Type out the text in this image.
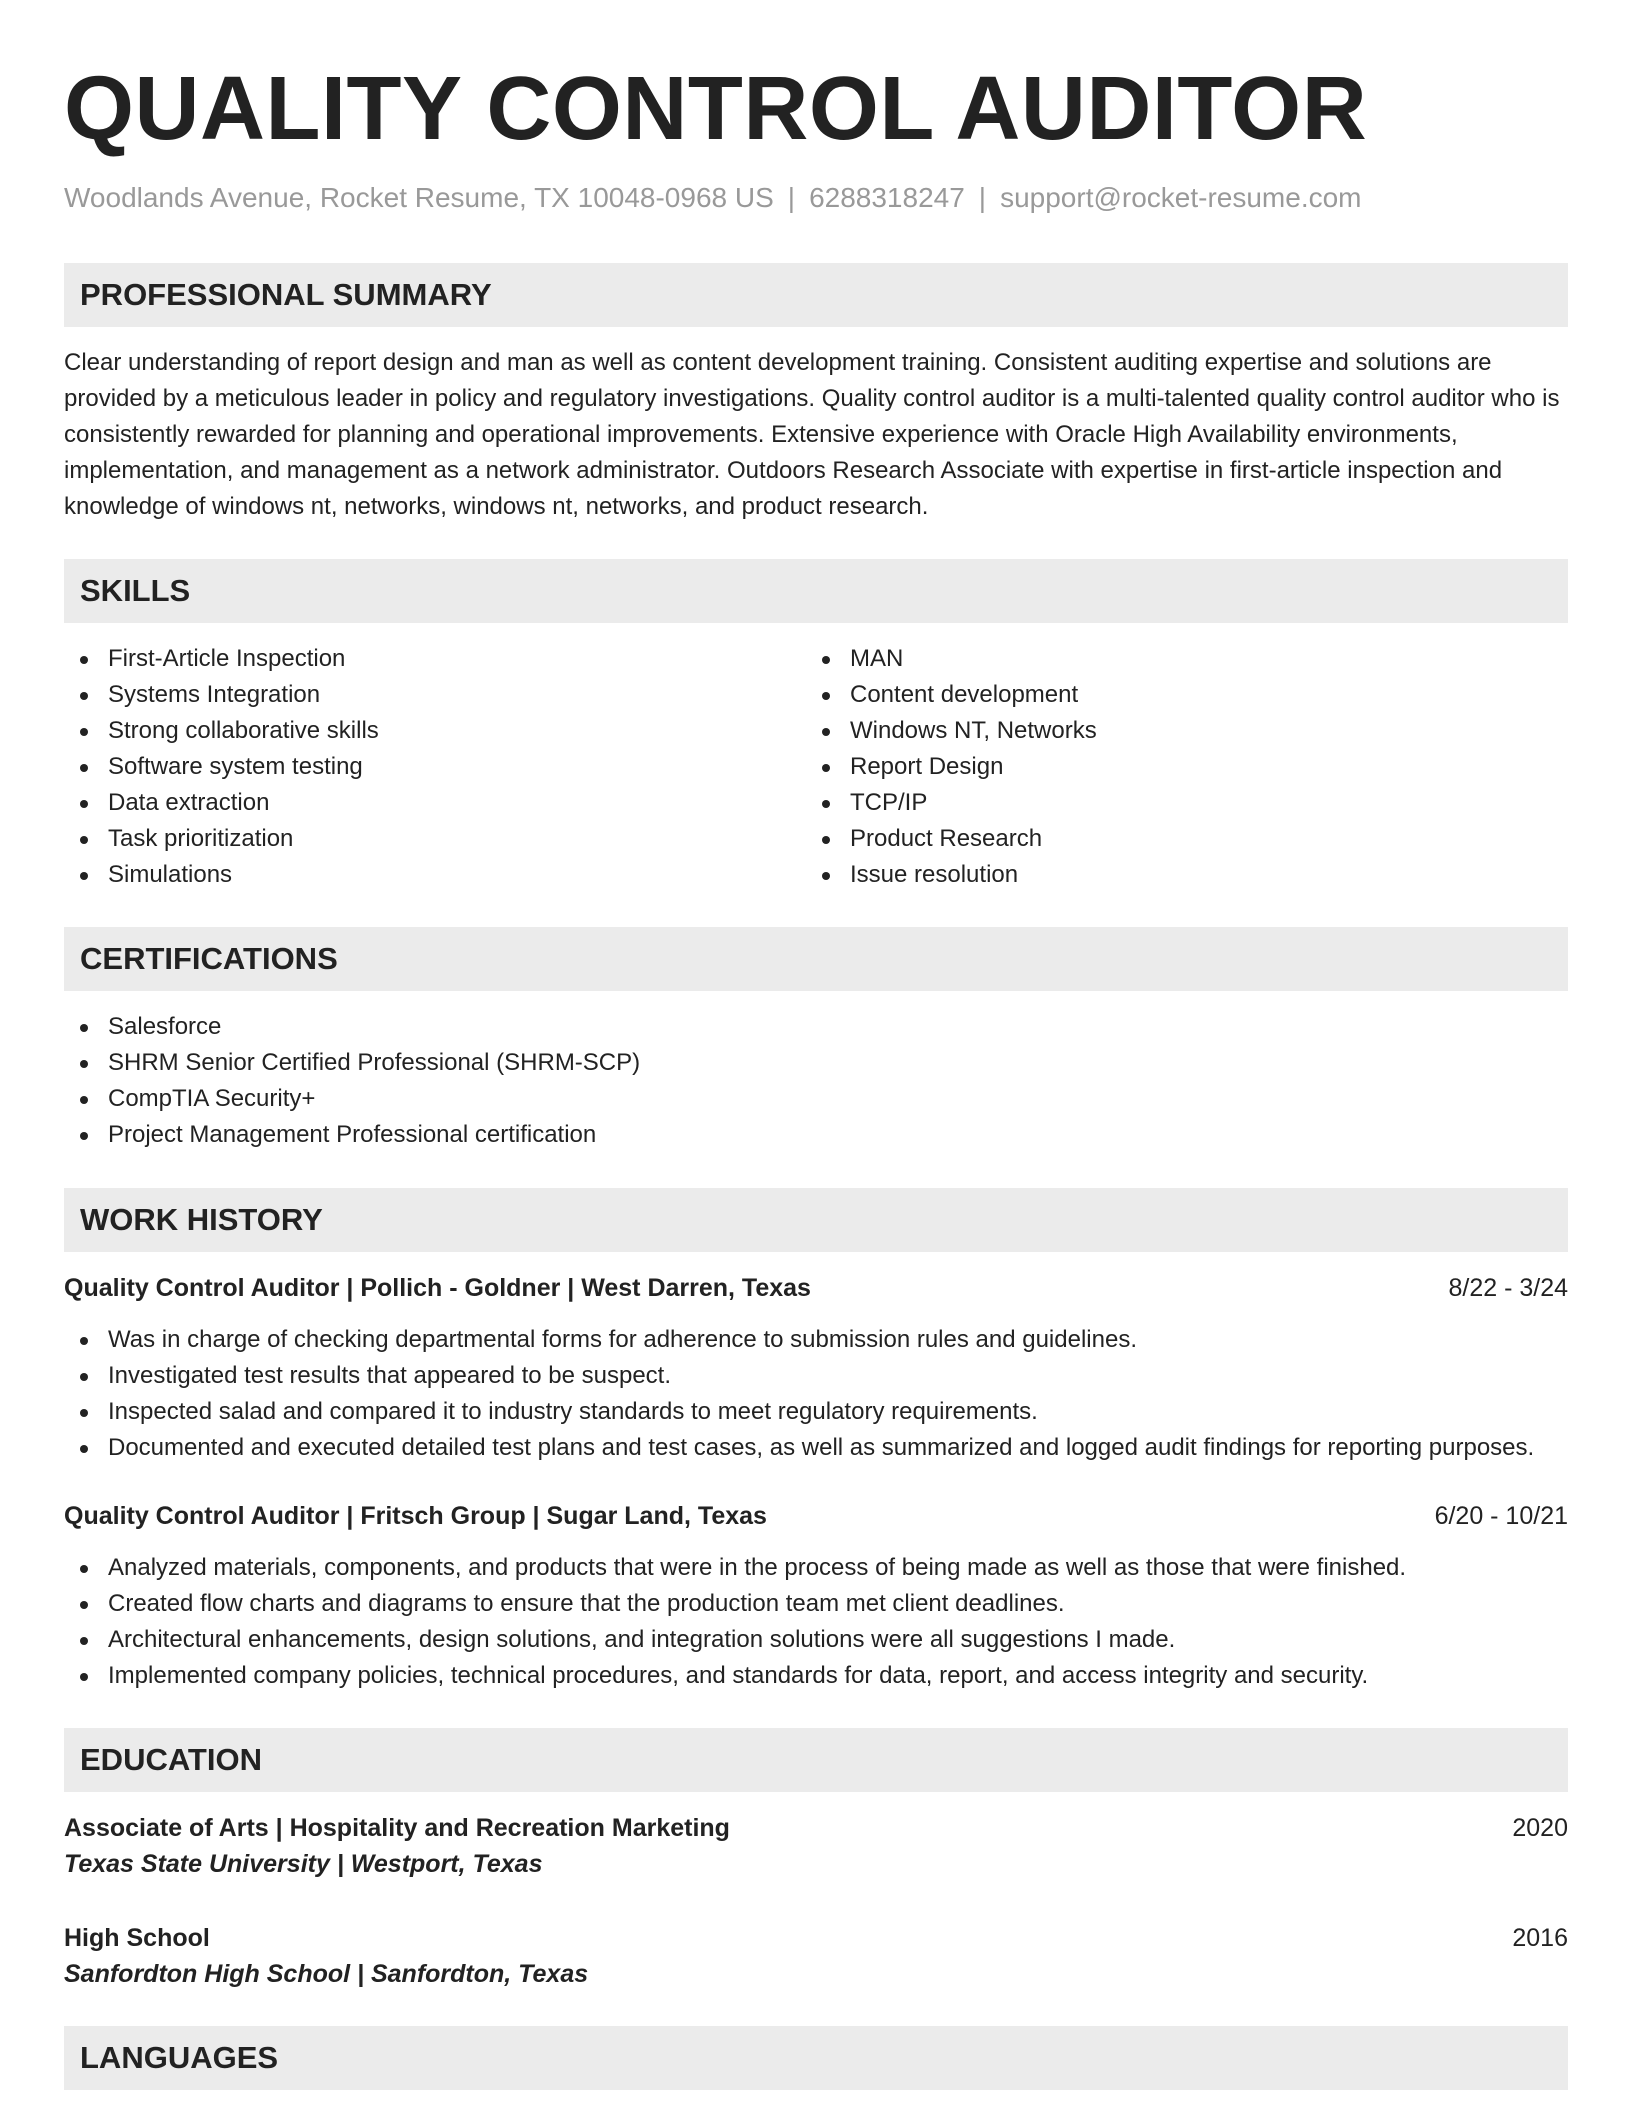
QUALITY CONTROL AUDITOR
Woodlands Avenue, Rocket Resume, TX 10048-0968 US | 6288318247 | support@rocket-resume.com
PROFESSIONAL SUMMARY
Clear understanding of report design and man as well as content development training. Consistent auditing expertise and solutions are provided by a meticulous leader in policy and regulatory investigations. Quality control auditor is a multi-talented quality control auditor who is consistently rewarded for planning and operational improvements. Extensive experience with Oracle High Availability environments, implementation, and management as a network administrator. Outdoors Research Associate with expertise in first-article inspection and knowledge of windows nt, networks, windows nt, networks, and product research.
SKILLS
First-Article Inspection
Systems Integration
Strong collaborative skills
Software system testing
Data extraction
Task prioritization
Simulations
MAN
Content development
Windows NT, Networks
Report Design
TCP/IP
Product Research
Issue resolution
CERTIFICATIONS
Salesforce
SHRM Senior Certified Professional (SHRM-SCP)
CompTIA Security+
Project Management Professional certification
WORK HISTORY
Quality Control Auditor | Pollich - Goldner | West Darren, Texas	8/22 - 3/24
Was in charge of checking departmental forms for adherence to submission rules and guidelines.
Investigated test results that appeared to be suspect.
Inspected salad and compared it to industry standards to meet regulatory requirements.
Documented and executed detailed test plans and test cases, as well as summarized and logged audit findings for reporting purposes.
Quality Control Auditor | Fritsch Group | Sugar Land, Texas	6/20 - 10/21
Analyzed materials, components, and products that were in the process of being made as well as those that were finished.
Created flow charts and diagrams to ensure that the production team met client deadlines.
Architectural enhancements, design solutions, and integration solutions were all suggestions I made.
Implemented company policies, technical procedures, and standards for data, report, and access integrity and security.
EDUCATION
Associate of Arts | Hospitality and Recreation Marketing	2020
Texas State University | Westport, Texas
High School	2016
Sanfordton High School | Sanfordton, Texas
LANGUAGES
